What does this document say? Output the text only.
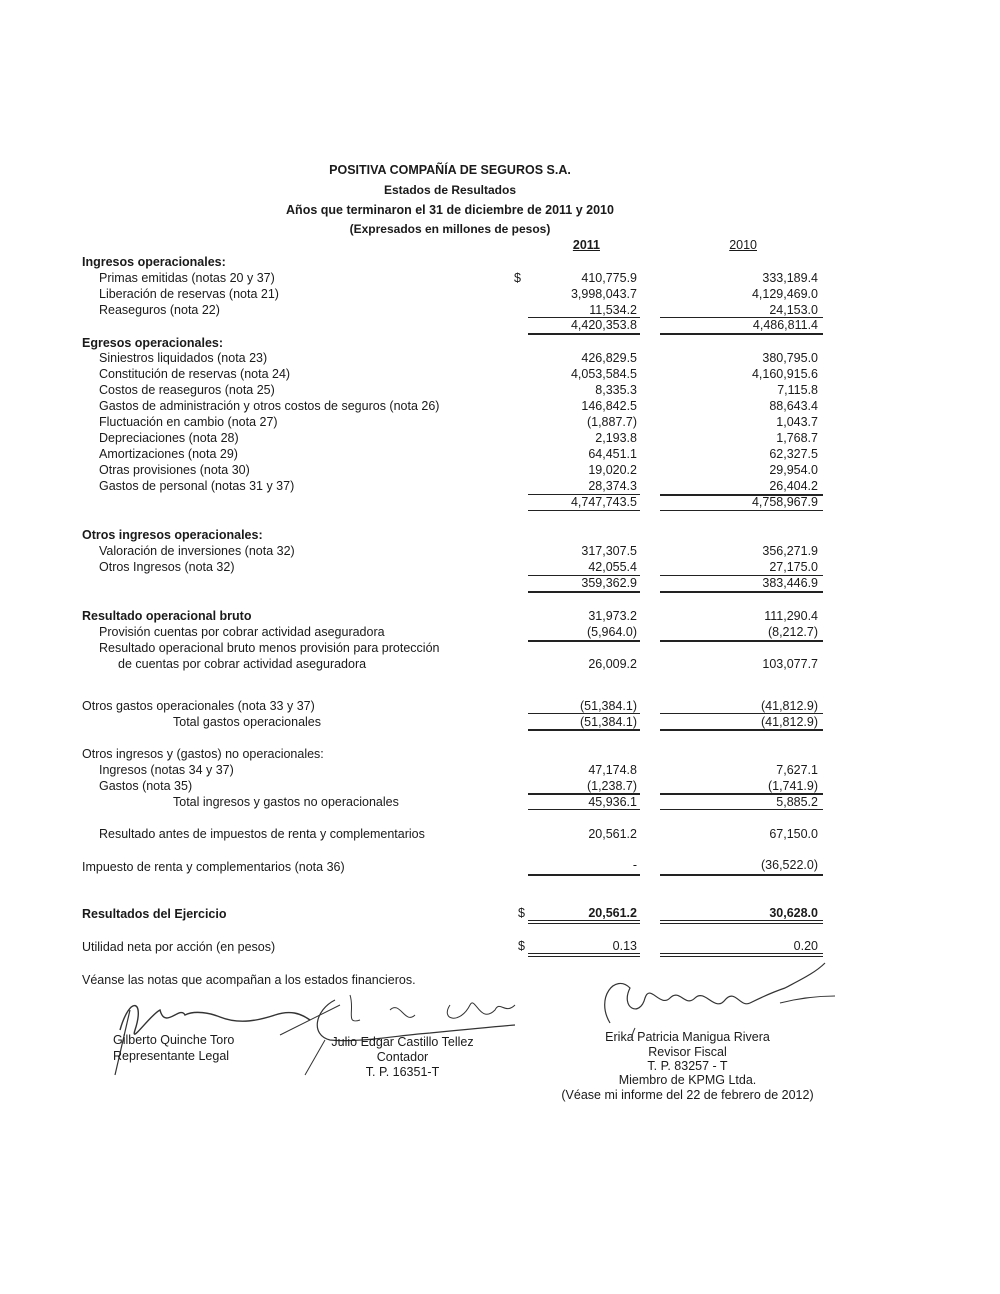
POSITIVA COMPAÑÍA DE SEGUROS S.A.
Estados de Resultados
Años que terminaron el 31 de diciembre de 2011 y 2010
(Expresados en millones de pesos)
2011	2010
Ingresos operacionales:
$
Primas emitidas (notas 20 y 37)	410,775.9	333,189.4
Liberación de reservas (nota 21)	3,998,043.7	4,129,469.0
Reaseguros (nota 22)	11,534.2	24,153.0
4,420,353.8	4,486,811.4
Egresos operacionales:
Siniestros liquidados (nota 23)	426,829.5	380,795.0
Constitución de reservas (nota 24)	4,053,584.5	4,160,915.6
Costos de reaseguros (nota 25)	8,335.3	7,115.8
Gastos de administración y otros costos de seguros (nota 26)	146,842.5	88,643.4
Fluctuación en cambio (nota 27)	(1,887.7)	1,043.7
Depreciaciones (nota 28)	2,193.8	1,768.7
Amortizaciones (nota 29)	64,451.1	62,327.5
Otras provisiones (nota 30)	19,020.2	29,954.0
Gastos de personal (notas 31 y 37)	28,374.3	26,404.2
4,747,743.5	4,758,967.9
Otros ingresos operacionales:
Valoración de inversiones (nota 32)	317,307.5	356,271.9
Otros Ingresos (nota 32)	42,055.4	27,175.0
359,362.9	383,446.9
Resultado operacional bruto	31,973.2	111,290.4
Provisión cuentas por cobrar actividad aseguradora	(5,964.0)	(8,212.7)
Resultado operacional bruto menos provisión para protección
de cuentas por cobrar actividad aseguradora	26,009.2	103,077.7
Otros gastos operacionales (nota 33 y 37)	(51,384.1)	(41,812.9)
Total gastos operacionales	(51,384.1)	(41,812.9)
Otros ingresos y (gastos) no operacionales:
Ingresos (notas 34 y 37)	47,174.8	7,627.1
Gastos (nota 35)	(1,238.7)	(1,741.9)
Total ingresos y gastos no operacionales	45,936.1	5,885.2
Resultado antes de impuestos de renta y complementarios	20,561.2	67,150.0
Impuesto de renta y complementarios (nota 36)	-	(36,522.0)
Resultados del Ejercicio	$	20,561.2	30,628.0
Utilidad neta por acción (en pesos)	$	0.13	0.20
Véanse las notas que acompañan a los estados financieros.
Gilberto Quinche Toro
Representante Legal
Julio Edgar Castillo Tellez
Contador
T. P. 16351-T
Erika Patricia Manigua Rivera
Revisor Fiscal
T. P. 83257 - T
Miembro de KPMG Ltda.
(Véase mi informe del 22 de febrero de 2012)
